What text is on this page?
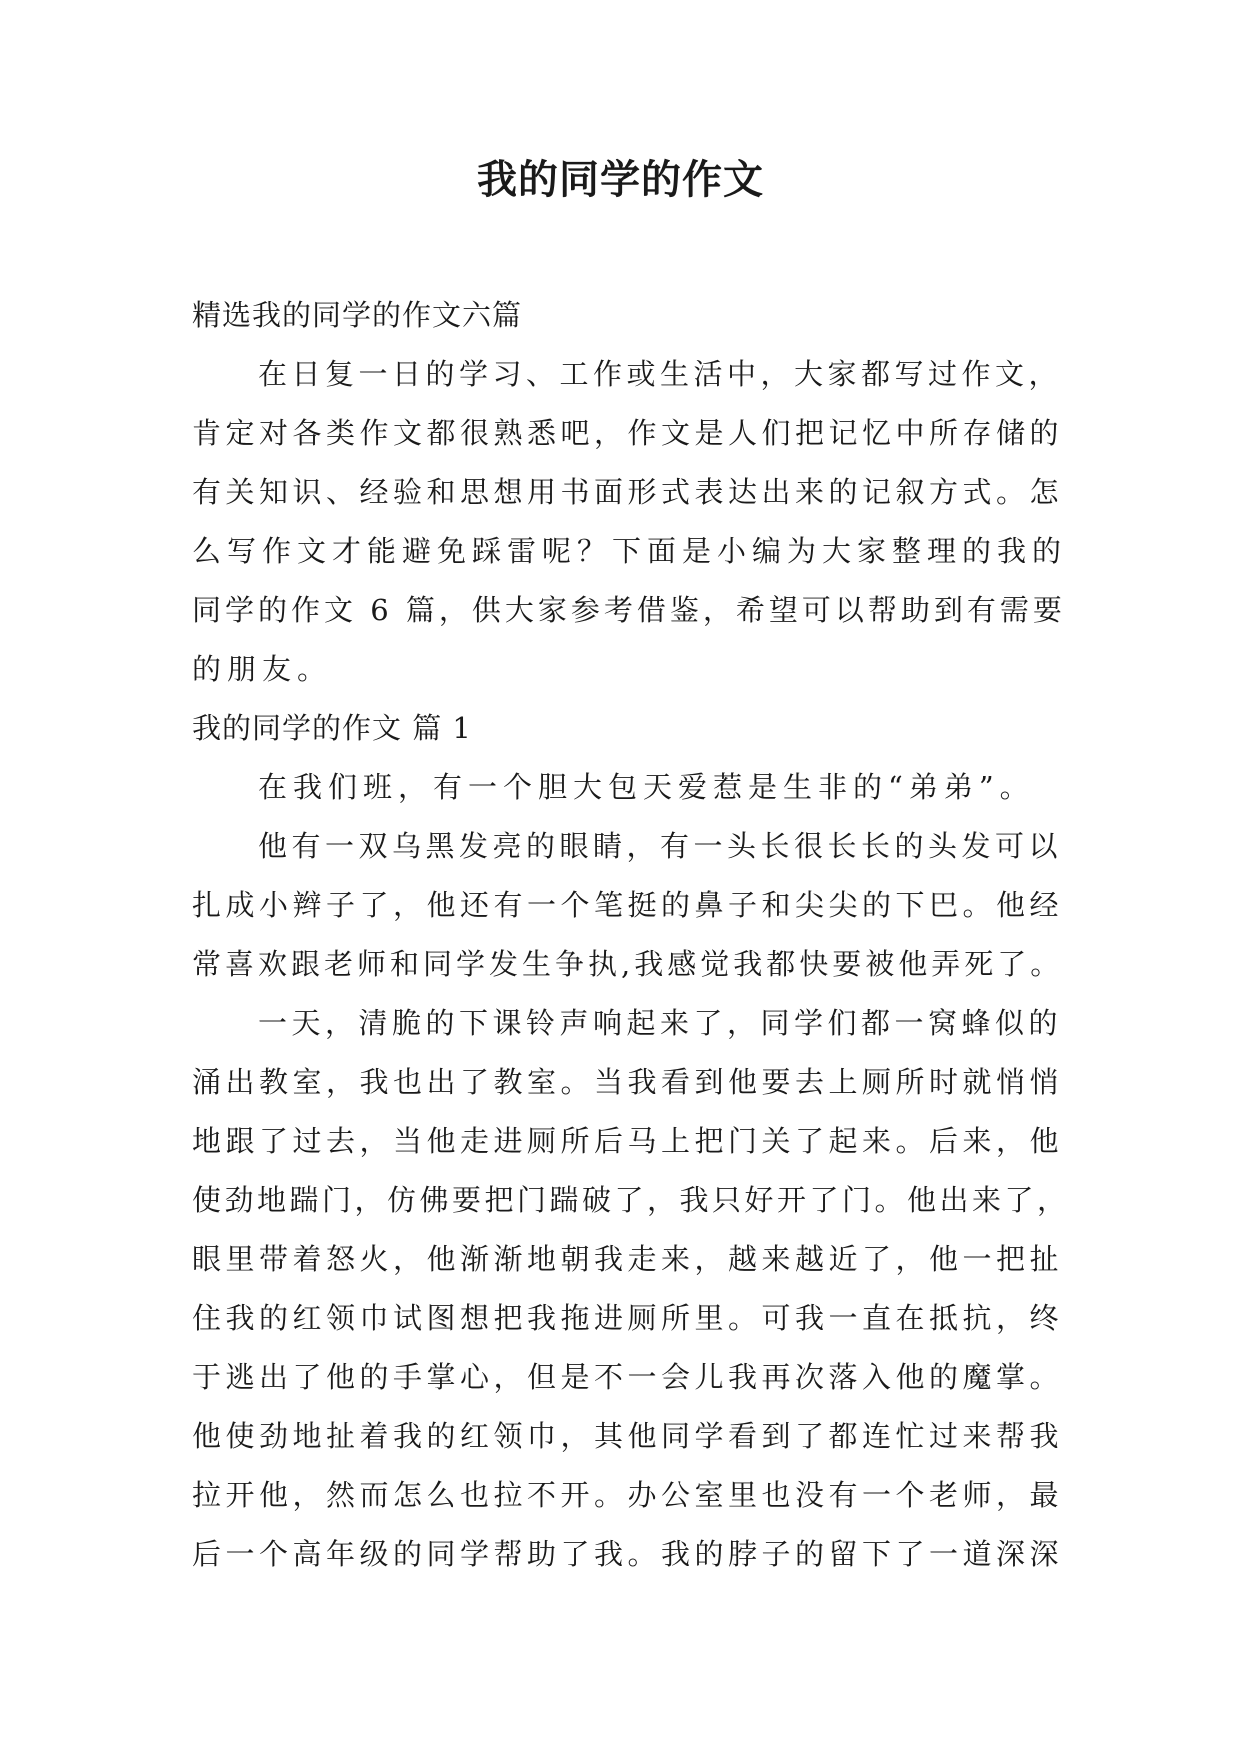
我的同学的作文

精选我的同学的作文六篇

在日复一日的学习、工作或生活中，大家都写过作文，

肯定对各类作文都很熟悉吧，作文是人们把记忆中所存储的

有关知识、经验和思想用书面形式表达出来的记叙方式。怎

么写作文才能避免踩雷呢？下面是小编为大家整理的我的

同学的作文 6 篇，供大家参考借鉴，希望可以帮助到有需要

的朋友。

我的同学的作文 篇 1

在我们班，有一个胆大包天爱惹是生非的“弟弟”。

他有一双乌黑发亮的眼睛，有一头长很长长的头发可以

扎成小辫子了，他还有一个笔挺的鼻子和尖尖的下巴。他经

常喜欢跟老师和同学发生争执,我感觉我都快要被他弄死了。

一天，清脆的下课铃声响起来了，同学们都一窝蜂似的

涌出教室，我也出了教室。当我看到他要去上厕所时就悄悄

地跟了过去，当他走进厕所后马上把门关了起来。后来，他

使劲地踹门，仿佛要把门踹破了，我只好开了门。他出来了，

眼里带着怒火，他渐渐地朝我走来，越来越近了，他一把扯

住我的红领巾试图想把我拖进厕所里。可我一直在抵抗，终

于逃出了他的手掌心，但是不一会儿我再次落入他的魔掌。

他使劲地扯着我的红领巾，其他同学看到了都连忙过来帮我

拉开他，然而怎么也拉不开。办公室里也没有一个老师，最

后一个高年级的同学帮助了我。我的脖子的留下了一道深深
